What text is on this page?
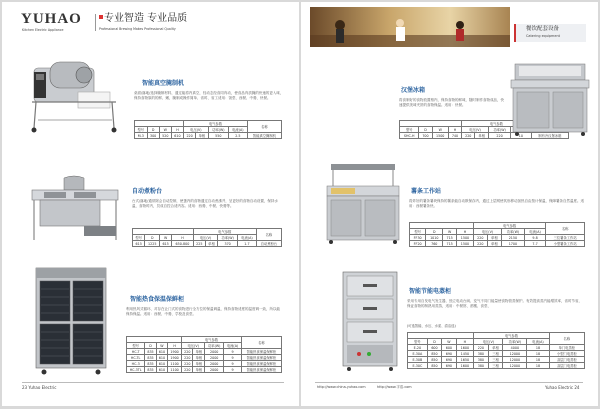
YUHAO
Kitchen Electric Appliance
专业智造 专业品质
Professional Brewing Makes Professional Quality
智能真空腌制机
桌面/落地/选择腌制材料，通过能将内真空，经动态经食同肉动，使食品肉质腌的快速的更入味，保持食物原的的鲜、嫩，腌制成操作简单、省时、省工适用：饭堂、西餐、中餐、快餐。
				电气参数				名称
型号	D	W	H	电压(V)		功率(W)	电流(A)	
M-3	300	520	610	220	单相	550	2.5	智能真空腌制机
自动煮粉台
台式/落地/通常除会自动控制，使蛋内的食物通过自动煮沸并，呈更好的食物自动设置，保持水温，食物时内，员成自控合适内容。适用：西餐、中餐、快餐等。
				电气参数				名称
型号	D	W	H	电压(V)		功率(W)	电流(A)	
615	1225	615	650-800	225	单相	370	1.7	自动煮粉台
智能热食保温保鲜柜
利用热风式循环、对存在让门式的食物进行全方位的保温调温，保持食物适度的温度调一致，所以能保持保温。适用：西餐、中餐、学校及食堂。
				电气参数				名称
型号	D	W	H	电压(V)		功率(W)	电流(A)	
HC-T	835	610	1900	220	单相	2000	9	智能热食保温保鲜柜
HC-TL	835	610	1900	220	单相	2000	9	智能热食保温保鲜柜
HC-3	835	610	1100	220	单相	2000	9	智能热食保温保鲜柜
HC-3TL	835	610	1100	220	单相	2000	9	智能热食保温保鲜柜
23 Yuhao Electric
餐饮配套设备
Catering equipment
汉堡冰箱
将食制好的食物放置格内，保持食物的鲜味，随时制作食物成品，快速提供美味夹饼的食物保温。适用：快餐。
				电气参数	
型号	D	W	H	电压(V)		功率(W)	
SHC-H	700	1500	740	220	单相	220	10	制有冷汉堡冰箱
薯条工作站
将炸好的薯条薯块保持的薯条能自动散保存内，通过上层网使其形移动加热自由按计保温，保障薯条自然温度。适用：西餐薯条快。
				电气参数				名称
型号	D	W	H	电压(V)		功率(W)	电流(A)	
FF30	1010	715	1500	220	单相	2150	9.8	三位薯条工作站
FF20	760	715	1500	220	单相	1700	7.7	小型薯条工作站
智能节能电蒸柜
采用专用自发电气发生器，独立电动台阀、变气不同门能量使食物管蒸保护。有效提高蒸汽能增效率，省时节省，保证食物的制熟用蒸蒸，适用：中餐馆、酒楼、食堂、
(可选智能、水压、水质、清洁选)
				电气参数				名称
型号	D	W	H	电压(V)		功率(W)	电流(A)	
E-20	600	600	1600	220	单相	4000	18	单门电蒸柜
E-30A	850	690	1450	380	三相	12000	18	小型门电蒸柜
E-30B	850	690	1650	380	三相	12000	18	双层门电蒸柜
E-30C	850	690	1600	380	三相	12000	18	双层门电蒸柜
http://www.china-yuhao.com	http://www.宇浩.com	Yuhao Electric 24
